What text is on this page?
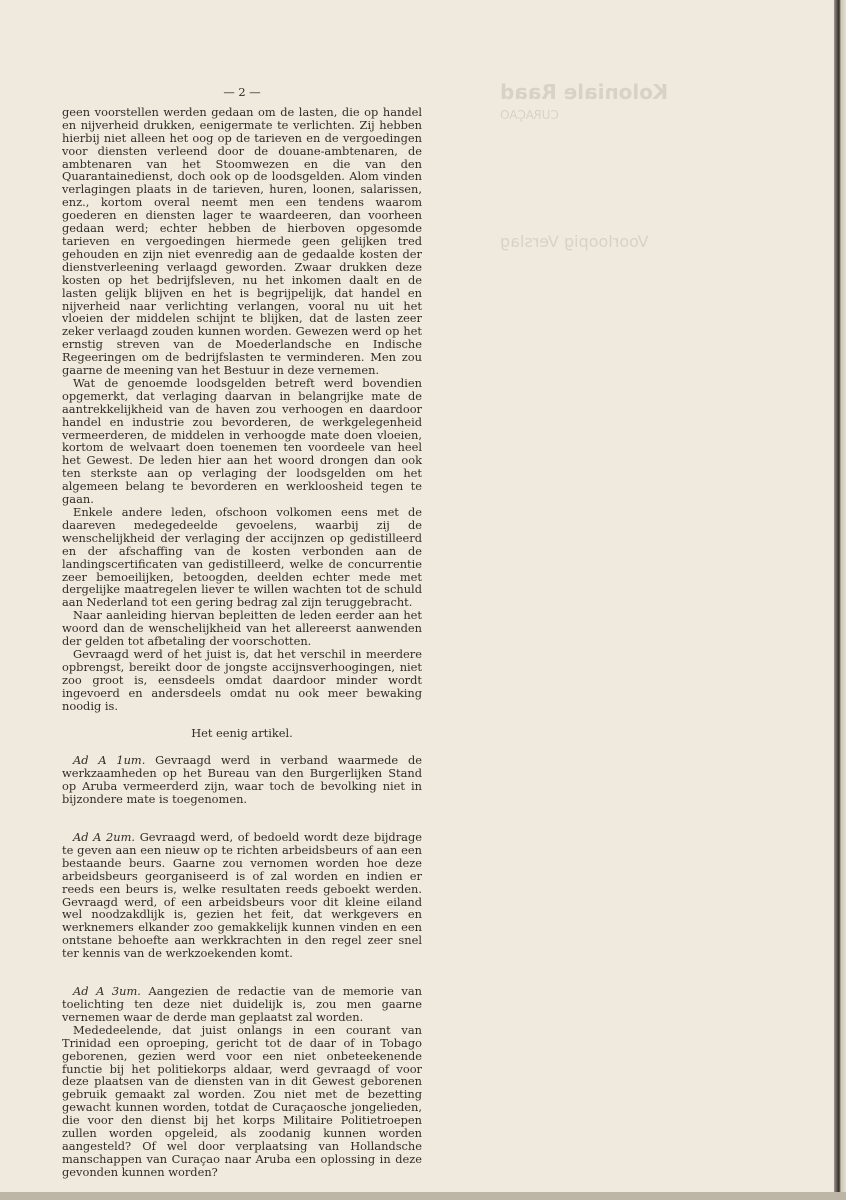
Koloniale Raad
CURAÇAO
Voorloopig Verslag
— 2 —

geen voorstellen werden gedaan om de lasten, die op handel en nijverheid drukken, eenigermate te verlichten. Zij hebben hierbij niet alleen het oog op de tarieven en de vergoedingen voor diensten verleend door de douane-ambtenaren, de ambtenaren van het Stoomwezen en die van den Quarantainedienst, doch ook op de loodsgelden. Alom vinden verlagingen plaats in de tarieven, huren, loonen, salarissen, enz., kortom overal neemt men een tendens waarom goederen en diensten lager te waardeeren, dan voorheen gedaan werd; echter hebben de hierboven opgesomde tarieven en vergoedingen hiermede geen gelijken tred gehouden en zijn niet evenredig aan de gedaalde kosten der dienstverleening verlaagd geworden. Zwaar drukken deze kosten op het bedrijfsleven, nu het inkomen daalt en de lasten gelijk blijven en het is begrijpelijk, dat handel en nijverheid naar verlichting verlangen, vooral nu uit het vloeien der middelen schijnt te blijken, dat de lasten zeer zeker verlaagd zouden kunnen worden. Gewezen werd op het ernstig streven van de Moederlandsche en Indische Regeeringen om de bedrijfslasten te verminderen. Men zou gaarne de meening van het Bestuur in deze vernemen.

Wat de genoemde loodsgelden betreft werd bovendien opgemerkt, dat verlaging daarvan in belangrijke mate de aantrekkelijkheid van de haven zou verhoogen en daardoor handel en industrie zou bevorderen, de werkgelegenheid vermeerderen, de middelen in verhoogde mate doen vloeien, kortom de welvaart doen toenemen ten voordeele van heel het Gewest. De leden hier aan het woord drongen dan ook ten sterkste aan op verlaging der loodsgelden om het algemeen belang te bevorderen en werkloosheid tegen te gaan.

Enkele andere leden, ofschoon volkomen eens met de daareven medegedeelde gevoelens, waarbij zij de wenschelijkheid der verlaging der accijnzen op gedistilleerd en der afschaffing van de kosten verbonden aan de landingscertificaten van gedistilleerd, welke de concurrentie zeer bemoeilijken, betoogden, deelden echter mede met dergelijke maatregelen liever te willen wachten tot de schuld aan Nederland tot een gering bedrag zal zijn teruggebracht.

Naar aanleiding hiervan bepleitten de leden eerder aan het woord dan de wenschelijkheid van het allereerst aanwenden der gelden tot afbetaling der voorschotten.

Gevraagd werd of het juist is, dat het verschil in meerdere opbrengst, bereikt door de jongste accijnsverhoogingen, niet zoo groot is, eensdeels omdat daardoor minder wordt ingevoerd en andersdeels omdat nu ook meer bewaking noodig is.

Het eenig artikel.

Ad A 1um. Gevraagd werd in verband waarmede de werkzaamheden op het Bureau van den Burgerlijken Stand op Aruba vermeerderd zijn, waar toch de bevolking niet in bijzondere mate is toegenomen.

Ad A 2um. Gevraagd werd, of bedoeld wordt deze bijdrage te geven aan een nieuw op te richten arbeidsbeurs of aan een bestaande beurs. Gaarne zou vernomen worden hoe deze arbeidsbeurs georganiseerd is of zal worden en indien er reeds een beurs is, welke resultaten reeds geboekt werden. Gevraagd werd, of een arbeidsbeurs voor dit kleine eiland wel noodzakdlijk is, gezien het feit, dat werkgevers en werknemers elkander zoo gemakkelijk kunnen vinden en een ontstane behoefte aan werkkrachten in den regel zeer snel ter kennis van de werkzoekenden komt.

Ad A 3um. Aangezien de redactie van de memorie van toelichting ten deze niet duidelijk is, zou men gaarne vernemen waar de derde man geplaatst zal worden.

Mededeelende, dat juist onlangs in een courant van Trinidad een oproeping, gericht tot de daar of in Tobago geborenen, gezien werd voor een niet onbeteekenende functie bij het politiekorps aldaar, werd gevraagd of voor deze plaatsen van de diensten van in dit Gewest geborenen gebruik gemaakt zal worden. Zou niet met de bezetting gewacht kunnen worden, totdat de Curaçaosche jongelieden, die voor den dienst bij het korps Militaire Politietroepen zullen worden opgeleid, als zoodanig kunnen worden aangesteld? Of wel door verplaatsing van Hollandsche manschappen van Curaçao naar Aruba een oplossing in deze gevonden kunnen worden?
